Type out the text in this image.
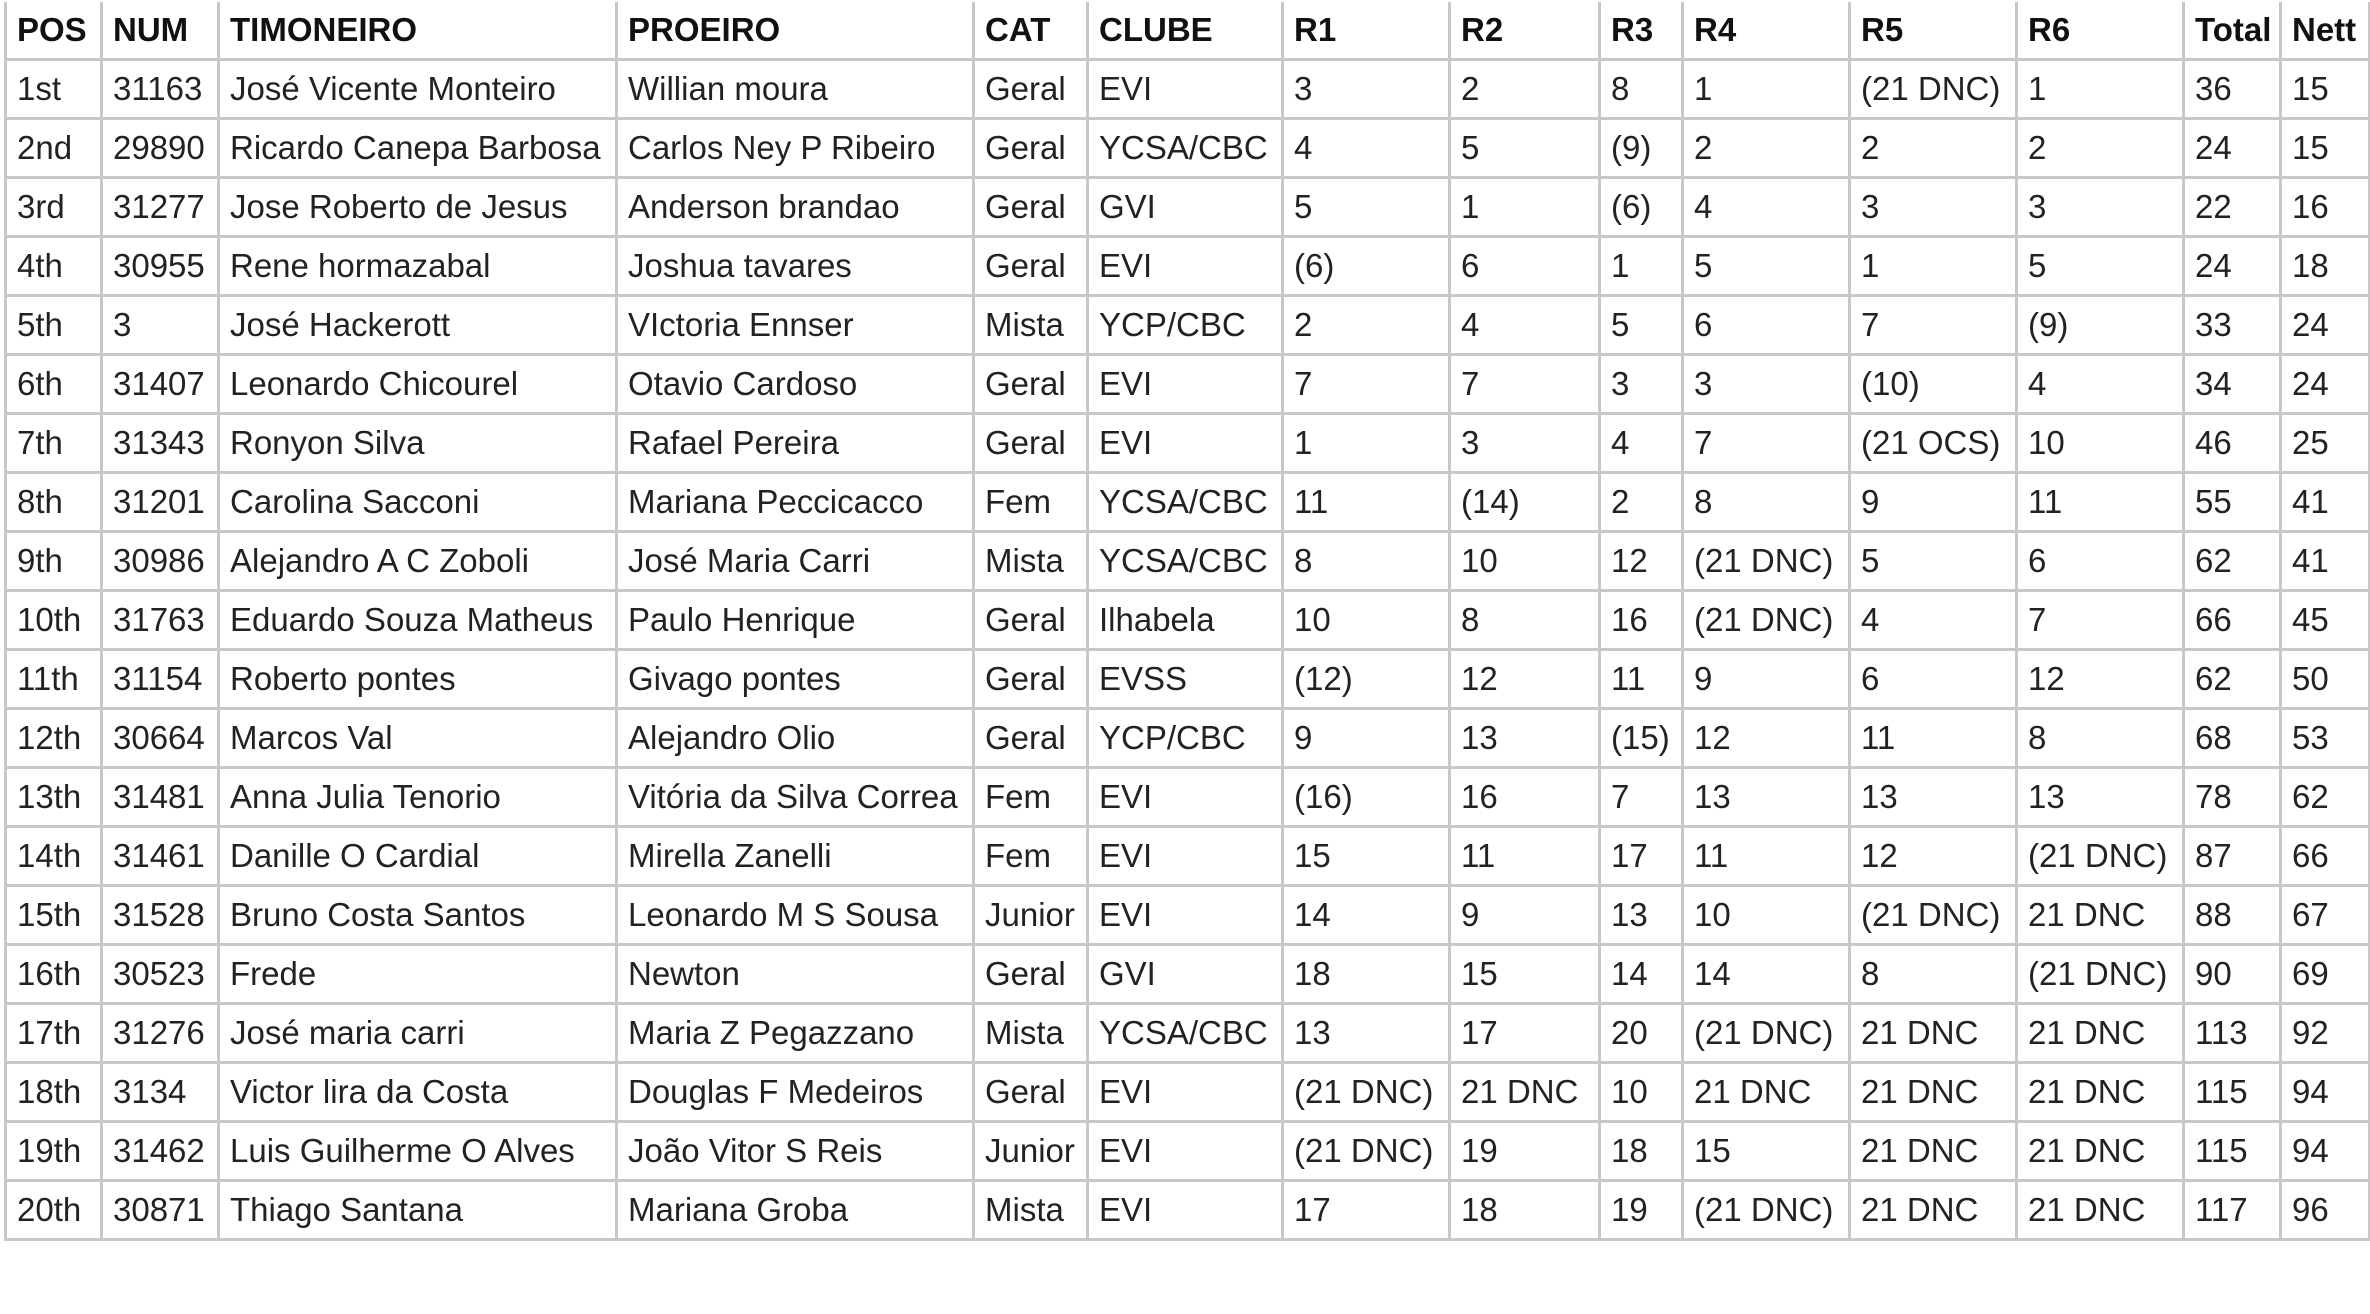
POS	NUM	TIMONEIRO	PROEIRO	CAT	CLUBE	R1	R2	R3	R4	R5	R6	Total	Nett
1st	31163	José Vicente Monteiro	Willian moura	Geral	EVI	3	2	8	1	(21 DNC)	1	36	15
2nd	29890	Ricardo Canepa Barbosa	Carlos Ney P Ribeiro	Geral	YCSA/CBC	4	5	(9)	2	2	2	24	15
3rd	31277	Jose Roberto de Jesus	Anderson brandao	Geral	GVI	5	1	(6)	4	3	3	22	16
4th	30955	Rene hormazabal	Joshua tavares	Geral	EVI	(6)	6	1	5	1	5	24	18
5th	3	José Hackerott	VIctoria Ennser	Mista	YCP/CBC	2	4	5	6	7	(9)	33	24
6th	31407	Leonardo Chicourel	Otavio Cardoso	Geral	EVI	7	7	3	3	(10)	4	34	24
7th	31343	Ronyon Silva	Rafael Pereira	Geral	EVI	1	3	4	7	(21 OCS)	10	46	25
8th	31201	Carolina Sacconi	Mariana Peccicacco	Fem	YCSA/CBC	11	(14)	2	8	9	11	55	41
9th	30986	Alejandro A C Zoboli	José Maria Carri	Mista	YCSA/CBC	8	10	12	(21 DNC)	5	6	62	41
10th	31763	Eduardo Souza Matheus	Paulo Henrique	Geral	Ilhabela	10	8	16	(21 DNC)	4	7	66	45
11th	31154	Roberto pontes	Givago pontes	Geral	EVSS	(12)	12	11	9	6	12	62	50
12th	30664	Marcos Val	Alejandro Olio	Geral	YCP/CBC	9	13	(15)	12	11	8	68	53
13th	31481	Anna Julia Tenorio	Vitória da Silva Correa	Fem	EVI	(16)	16	7	13	13	13	78	62
14th	31461	Danille O Cardial	Mirella Zanelli	Fem	EVI	15	11	17	11	12	(21 DNC)	87	66
15th	31528	Bruno Costa Santos	Leonardo M S Sousa	Junior	EVI	14	9	13	10	(21 DNC)	21 DNC	88	67
16th	30523	Frede	Newton	Geral	GVI	18	15	14	14	8	(21 DNC)	90	69
17th	31276	José maria carri	Maria Z Pegazzano	Mista	YCSA/CBC	13	17	20	(21 DNC)	21 DNC	21 DNC	113	92
18th	3134	Victor lira da Costa	Douglas F Medeiros	Geral	EVI	(21 DNC)	21 DNC	10	21 DNC	21 DNC	21 DNC	115	94
19th	31462	Luis Guilherme O Alves	João Vitor S Reis	Junior	EVI	(21 DNC)	19	18	15	21 DNC	21 DNC	115	94
20th	30871	Thiago Santana	Mariana Groba	Mista	EVI	17	18	19	(21 DNC)	21 DNC	21 DNC	117	96
